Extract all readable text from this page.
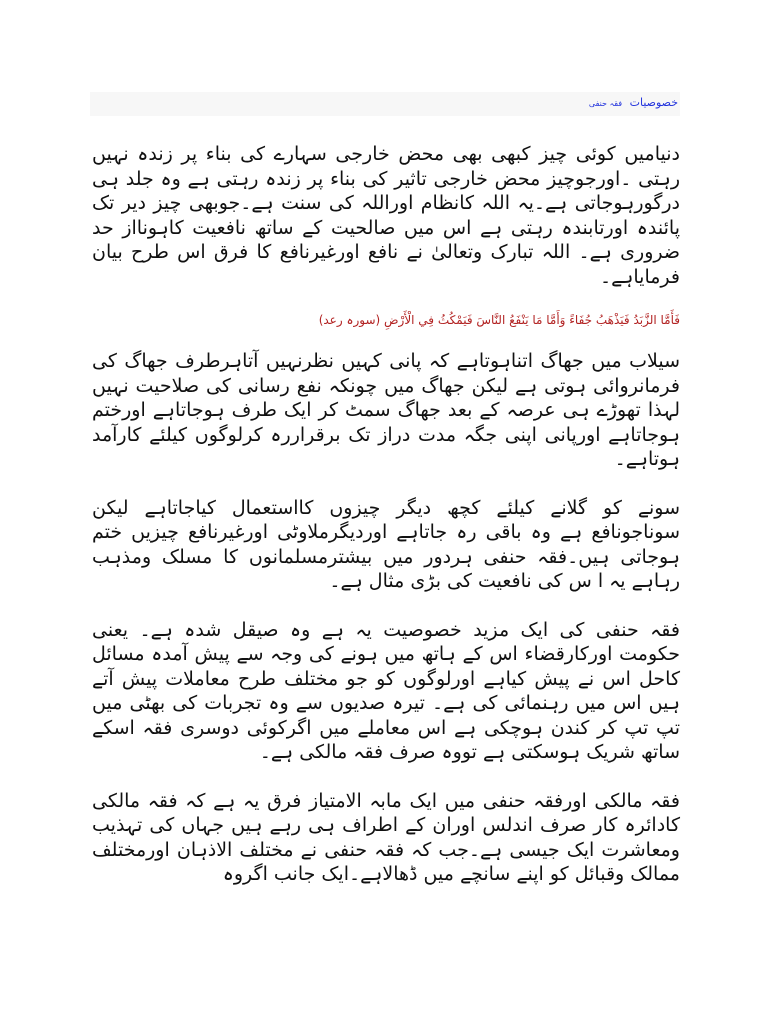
خصوصیات فقہ حنفی

دنیامیں کوئی چیز کبھی بھی محض خارجی سہارے کی بناء پر زندہ نہیں رہتی ۔اورجوچیز محض خارجی تاثیر کی بناء پر زندہ رہتی ہے وہ جلد ہی درگورہوجاتی ہے۔یہ اللہ کانظام اوراللہ کی سنت ہے۔جوبھی چیز دیر تک پائندہ اورتابندہ رہتی ہے اس میں صالحیت کے ساتھ نافعیت کاہونااز حد ضروری ہے۔ اللہ تبارک وتعالیٰ نے نافع اورغیرنافع کا فرق اس طرح بیان فرمایاہے۔

فَأَمَّا الزَّبَدُ فَيَذْهَبُ جُفَاءً وَأَمَّا مَا يَنْفَعُ النَّاسَ فَيَمْكُثُ فِي الْأَرْضِ (سورہ رعد)

سیلاب میں جھاگ اتناہوتاہے کہ پانی کہیں نظرنہیں آتاہرطرف جھاگ کی فرمانروائی ہوتی ہے لیکن جھاگ میں چونکہ نفع رسانی کی صلاحیت نہیں لہذا تھوڑے ہی عرصہ کے بعد جھاگ سمٹ کر ایک طرف ہوجاتاہے اورختم ہوجاتاہے اورپانی اپنی جگہ مدت دراز تک برقراررہ کرلوگوں کیلئے کارآمد ہوتاہے۔

سونے کو گلانے کیلئے کچھ دیگر چیزوں کااستعمال کیاجاتاہے لیکن سوناجونافع ہے وہ باقی رہ جاتاہے اوردیگرملاوٹی اورغیرنافع چیزیں ختم ہوجاتی ہیں۔فقہ حنفی ہردور میں بیشترمسلمانوں کا مسلک ومذہب رہاہے یہ ا س کی نافعیت کی بڑی مثال ہے۔

فقہ حنفی کی ایک مزید خصوصیت یہ ہے وہ صیقل شدہ ہے۔ یعنی حکومت اورکارقضاء اس کے ہاتھ میں ہونے کی وجہ سے پیش آمدہ مسائل کاحل اس نے پیش کیاہے اورلوگوں کو جو مختلف طرح معاملات پیش آتے ہیں اس میں رہنمائی کی ہے۔ تیرہ صدیوں سے وہ تجربات کی بھٹی میں تپ تپ کر کندن ہوچکی ہے اس معاملے میں اگرکوئی دوسری فقہ اسکے ساتھ شریک ہوسکتی ہے تووہ صرف فقہ مالکی ہے۔

فقہ مالکی اورفقہ حنفی میں ایک مابہ الامتیاز فرق یہ ہے کہ فقہ مالکی کادائرہ کار صرف اندلس اوران کے اطراف ہی رہے ہیں جہاں کی تہذیب ومعاشرت ایک جیسی ہے۔جب کہ فقہ حنفی نے مختلف الاذہان اورمختلف ممالک وقبائل کو اپنے سانچے میں ڈھالاہے۔ایک جانب اگروہ
